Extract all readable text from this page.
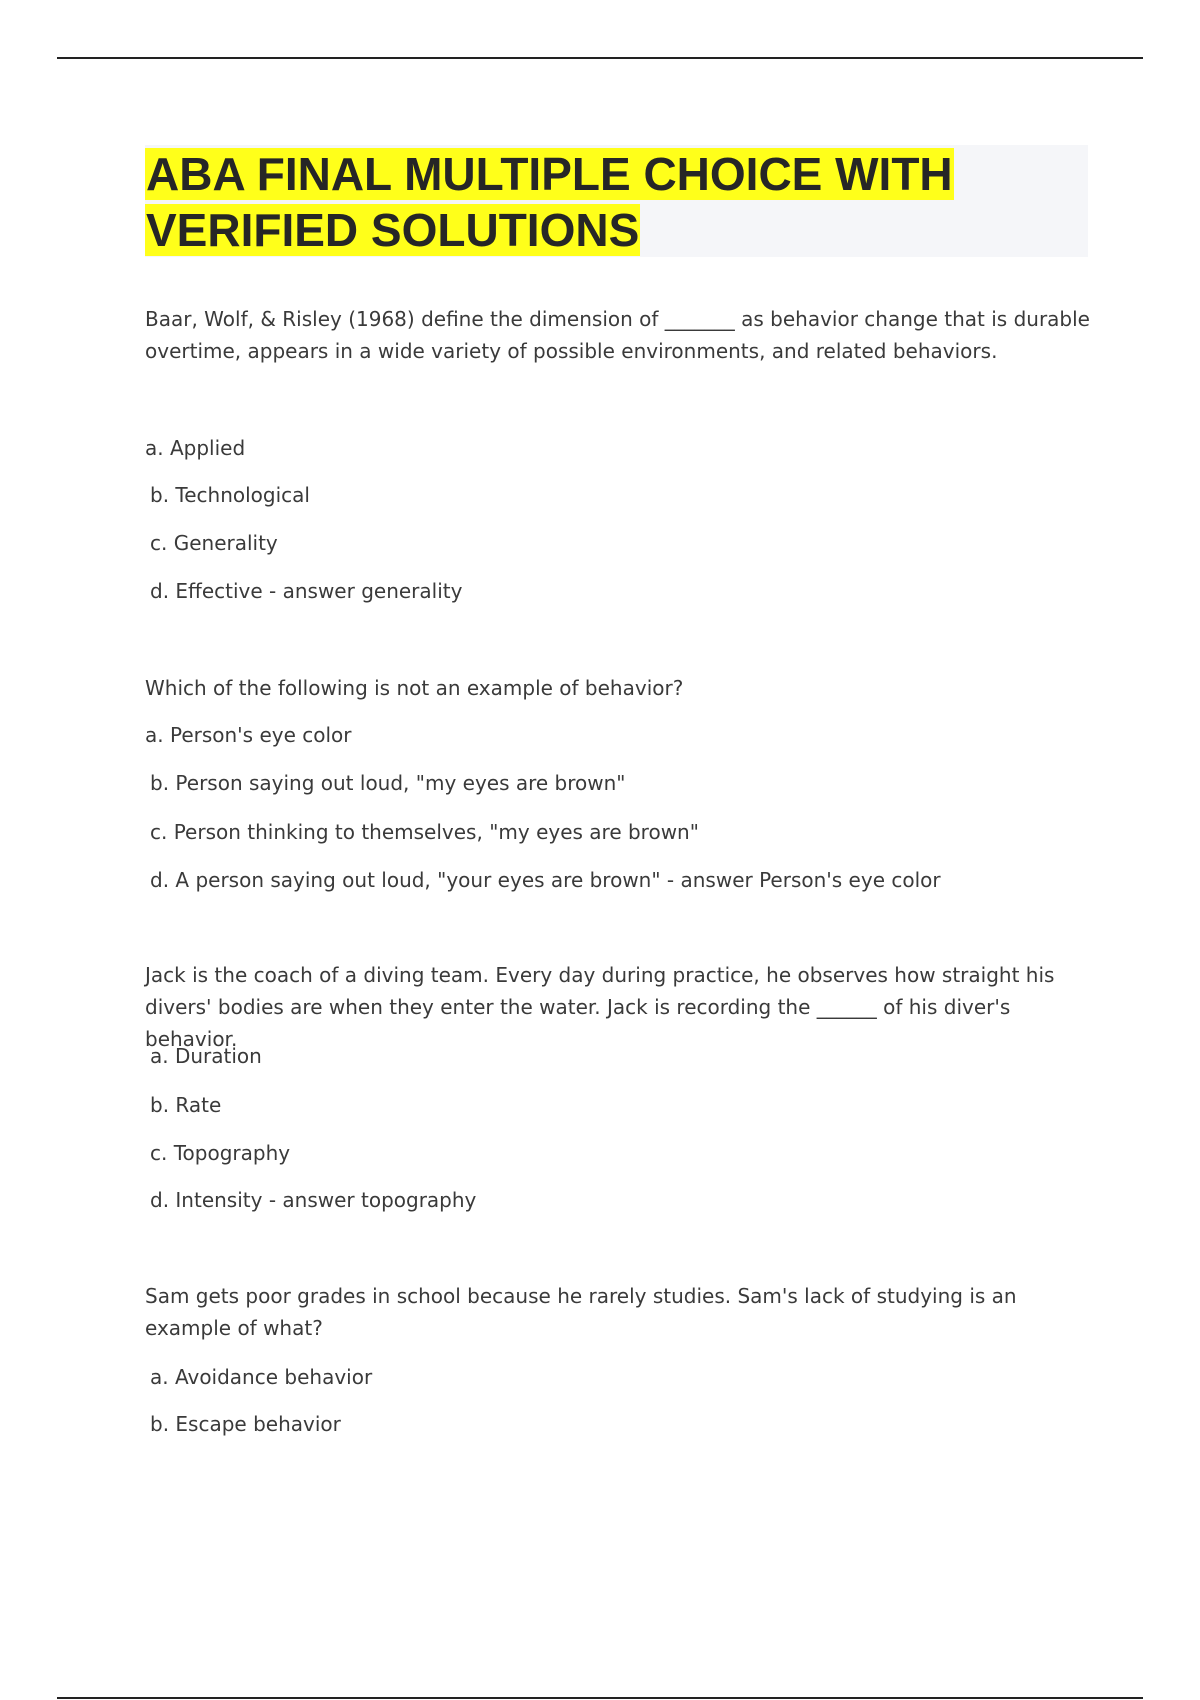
ABA FINAL MULTIPLE CHOICE WITH VERIFIED SOLUTIONS

Baar, Wolf, & Risley (1968) define the dimension of _______ as behavior change that is durable overtime, appears in a wide variety of possible environments, and related behaviors.

a. Applied

b. Technological

c. Generality

d. Effective - answer generality

Which of the following is not an example of behavior?

a. Person's eye color

b. Person saying out loud, "my eyes are brown"

c. Person thinking to themselves, "my eyes are brown"

d. A person saying out loud, "your eyes are brown" - answer Person's eye color

Jack is the coach of a diving team. Every day during practice, he observes how straight his divers' bodies are when they enter the water. Jack is recording the ______ of his diver's behavior.

a. Duration

b. Rate

c. Topography

d. Intensity - answer topography

Sam gets poor grades in school because he rarely studies. Sam's lack of studying is an example of what?

a. Avoidance behavior

b. Escape behavior
